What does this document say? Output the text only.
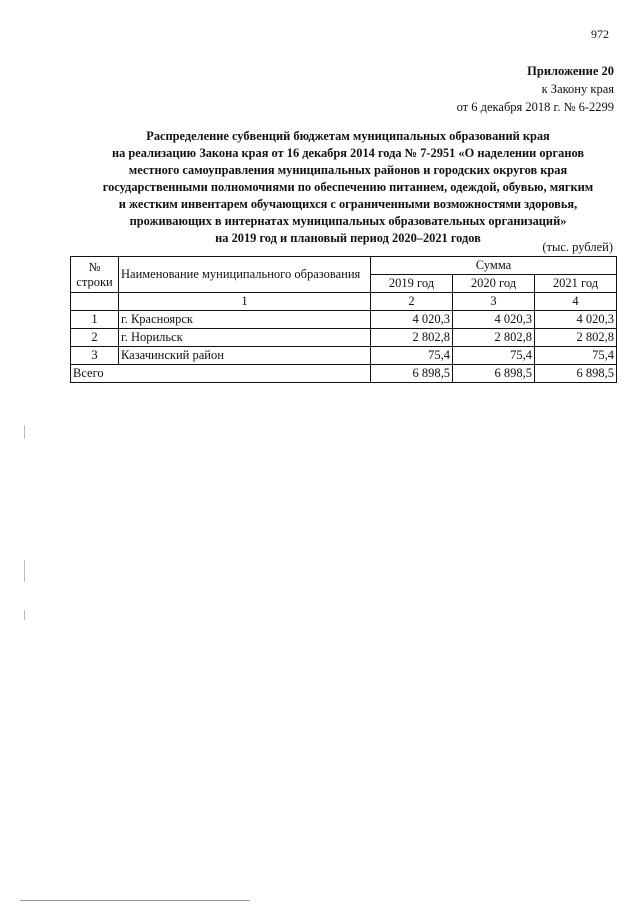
972
Приложение 20
к Закону края
от 6 декабря 2018 г. № 6-2299
Распределение субвенций бюджетам муниципальных образований края
на реализацию Закона края от 16 декабря 2014 года № 7-2951 «О наделении органов
местного самоуправления муниципальных районов и городских округов края
государственными полномочиями по обеспечению питанием, одеждой, обувью, мягким
и жестким инвентарем обучающихся с ограниченными возможностями здоровья,
проживающих в интернатах муниципальных образовательных организаций»
на 2019 год и плановый период 2020–2021 годов
(тыс. рублей)
№ строки	Наименование муниципального образования	Сумма		
		2019 год	2020 год	2021 год
	1	2	3	4
1	г. Красноярск	4 020,3	4 020,3	4 020,3
2	г. Норильск	2 802,8	2 802,8	2 802,8
3	Казачинский район	75,4	75,4	75,4
Всего		6 898,5	6 898,5	6 898,5
